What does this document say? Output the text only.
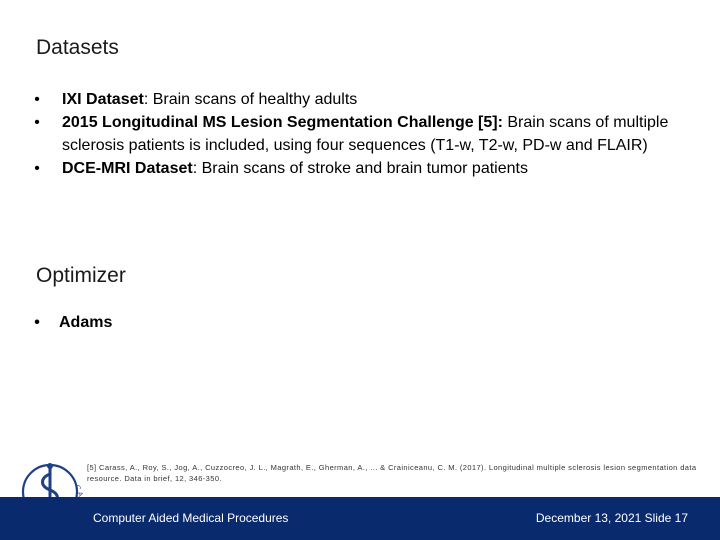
Datasets
• IXI Dataset: Brain scans of healthy adults
• 2015 Longitudinal MS Lesion Segmentation Challenge [5]: Brain scans of multiple sclerosis patients is included, using four sequences (T1-w, T2-w, PD-w and FLAIR)
• DCE-MRI Dataset: Brain scans of stroke and brain tumor patients
Optimizer
• Adams
[5] Carass, A., Roy, S., Jog, A., Cuzzocreo, J. L., Magrath, E., Gherman, A., ... & Crainiceanu, C. M. (2017). Longitudinal multiple sclerosis lesion segmentation data resource. Data in brief, 12, 346-350.
Computer Aided Medical Procedures	December 13, 2021 Slide 17
